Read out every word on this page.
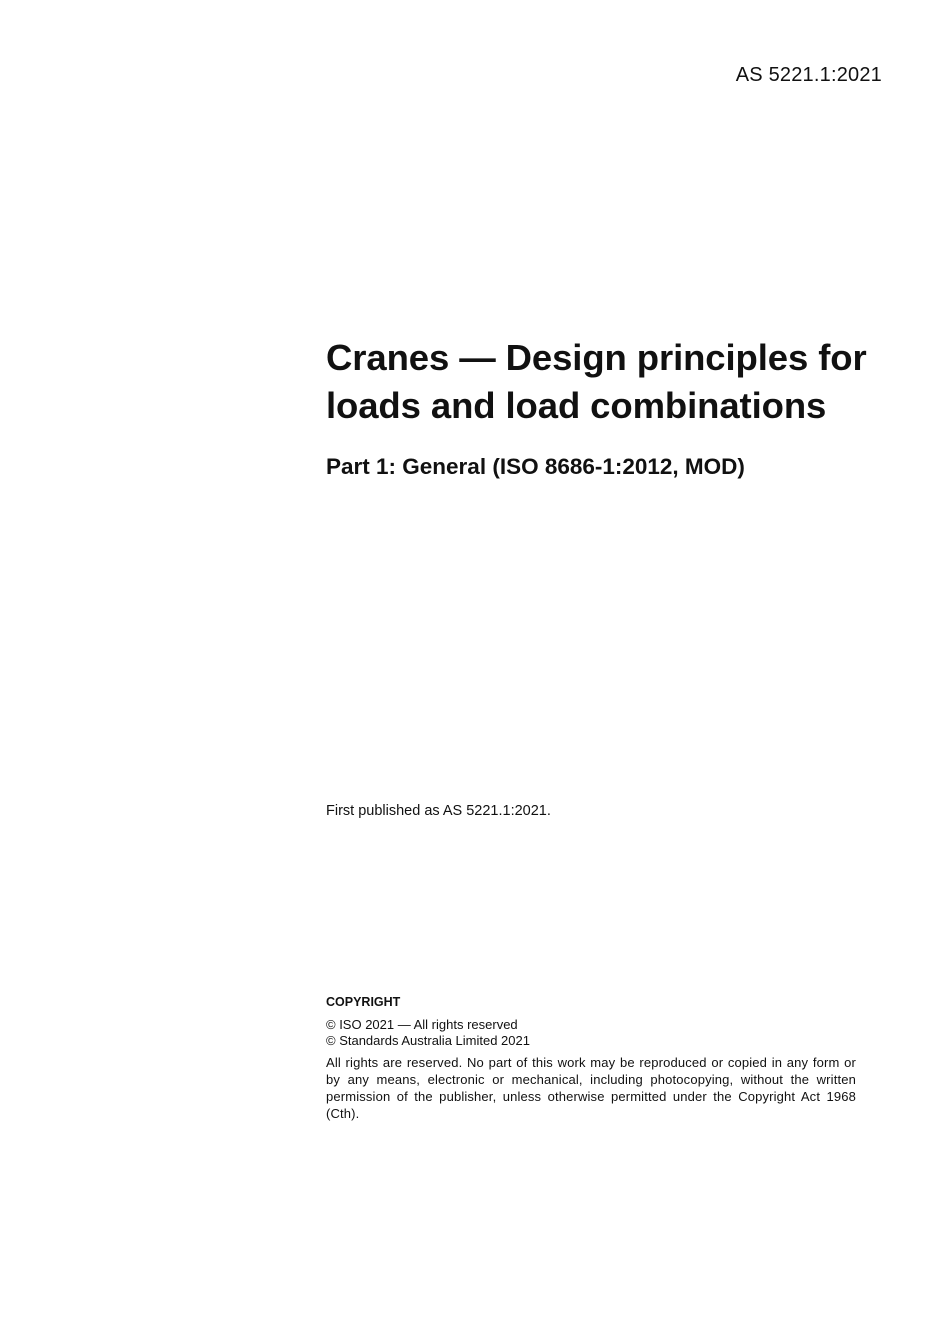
AS 5221.1:2021
Cranes — Design principles for loads and load combinations
Part 1: General (ISO 8686-1:2012, MOD)
First published as AS 5221.1:2021.
COPYRIGHT
© ISO 2021 — All rights reserved
© Standards Australia Limited 2021
All rights are reserved. No part of this work may be reproduced or copied in any form or by any means, electronic or mechanical, including photocopying, without the written permission of the publisher, unless otherwise permitted under the Copyright Act 1968 (Cth).
